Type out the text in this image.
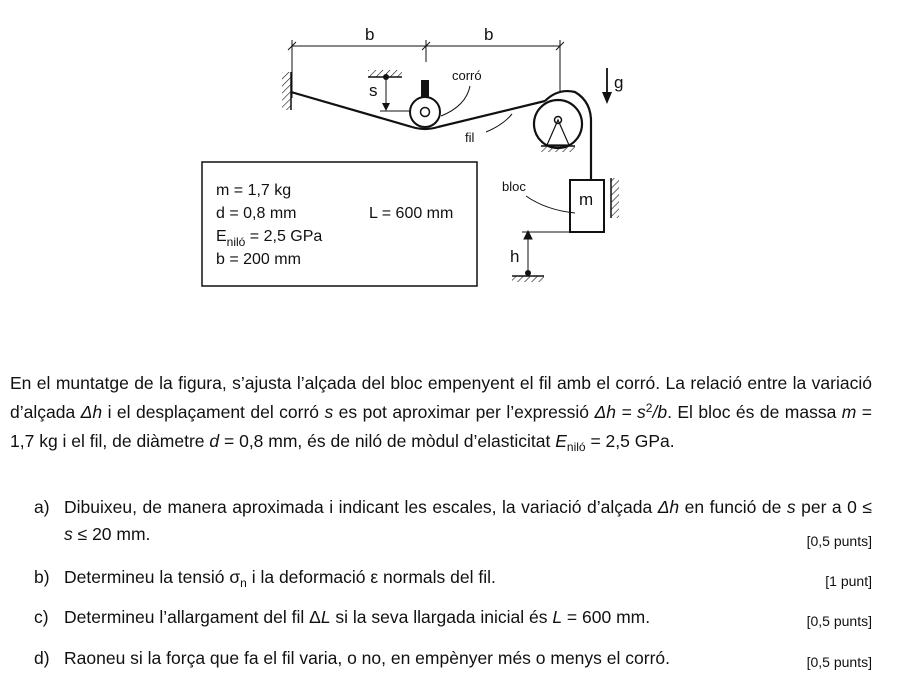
b	b
s
corró
fil
g
m
bloc
h
m = 1,7 kg
d = 0,8 mm	L = 600 mm
$E_{niló} = 2,5$ GPa
b = 200 mm
En el muntatge de la figura, s’ajusta l’alçada del bloc empenyent el fil amb el corró. La relació entre la variació d’alçada Δh i el desplaçament del corró s es pot aproximar per l’expressió $\Delta h = s^2/b$. El bloc és de massa m = 1,7 kg i el fil, de diàmetre d = 0,8 mm, és de niló de mòdul d’elasticitat $E_{niló} = 2,5$ GPa.
a) Dibuixeu, de manera aproximada i indicant les escales, la variació d’alçada Δh en funció de s per a 0 ≤ s ≤ 20 mm.	[0,5 punts]
b) Determineu la tensió $\sigma_n$ i la deformació ε normals del fil.	[1 punt]
c) Determineu l’allargament del fil ΔL si la seva llargada inicial és L = 600 mm.	[0,5 punts]
d) Raoneu si la força que fa el fil varia, o no, en empènyer més o menys el corró.	[0,5 punts]
